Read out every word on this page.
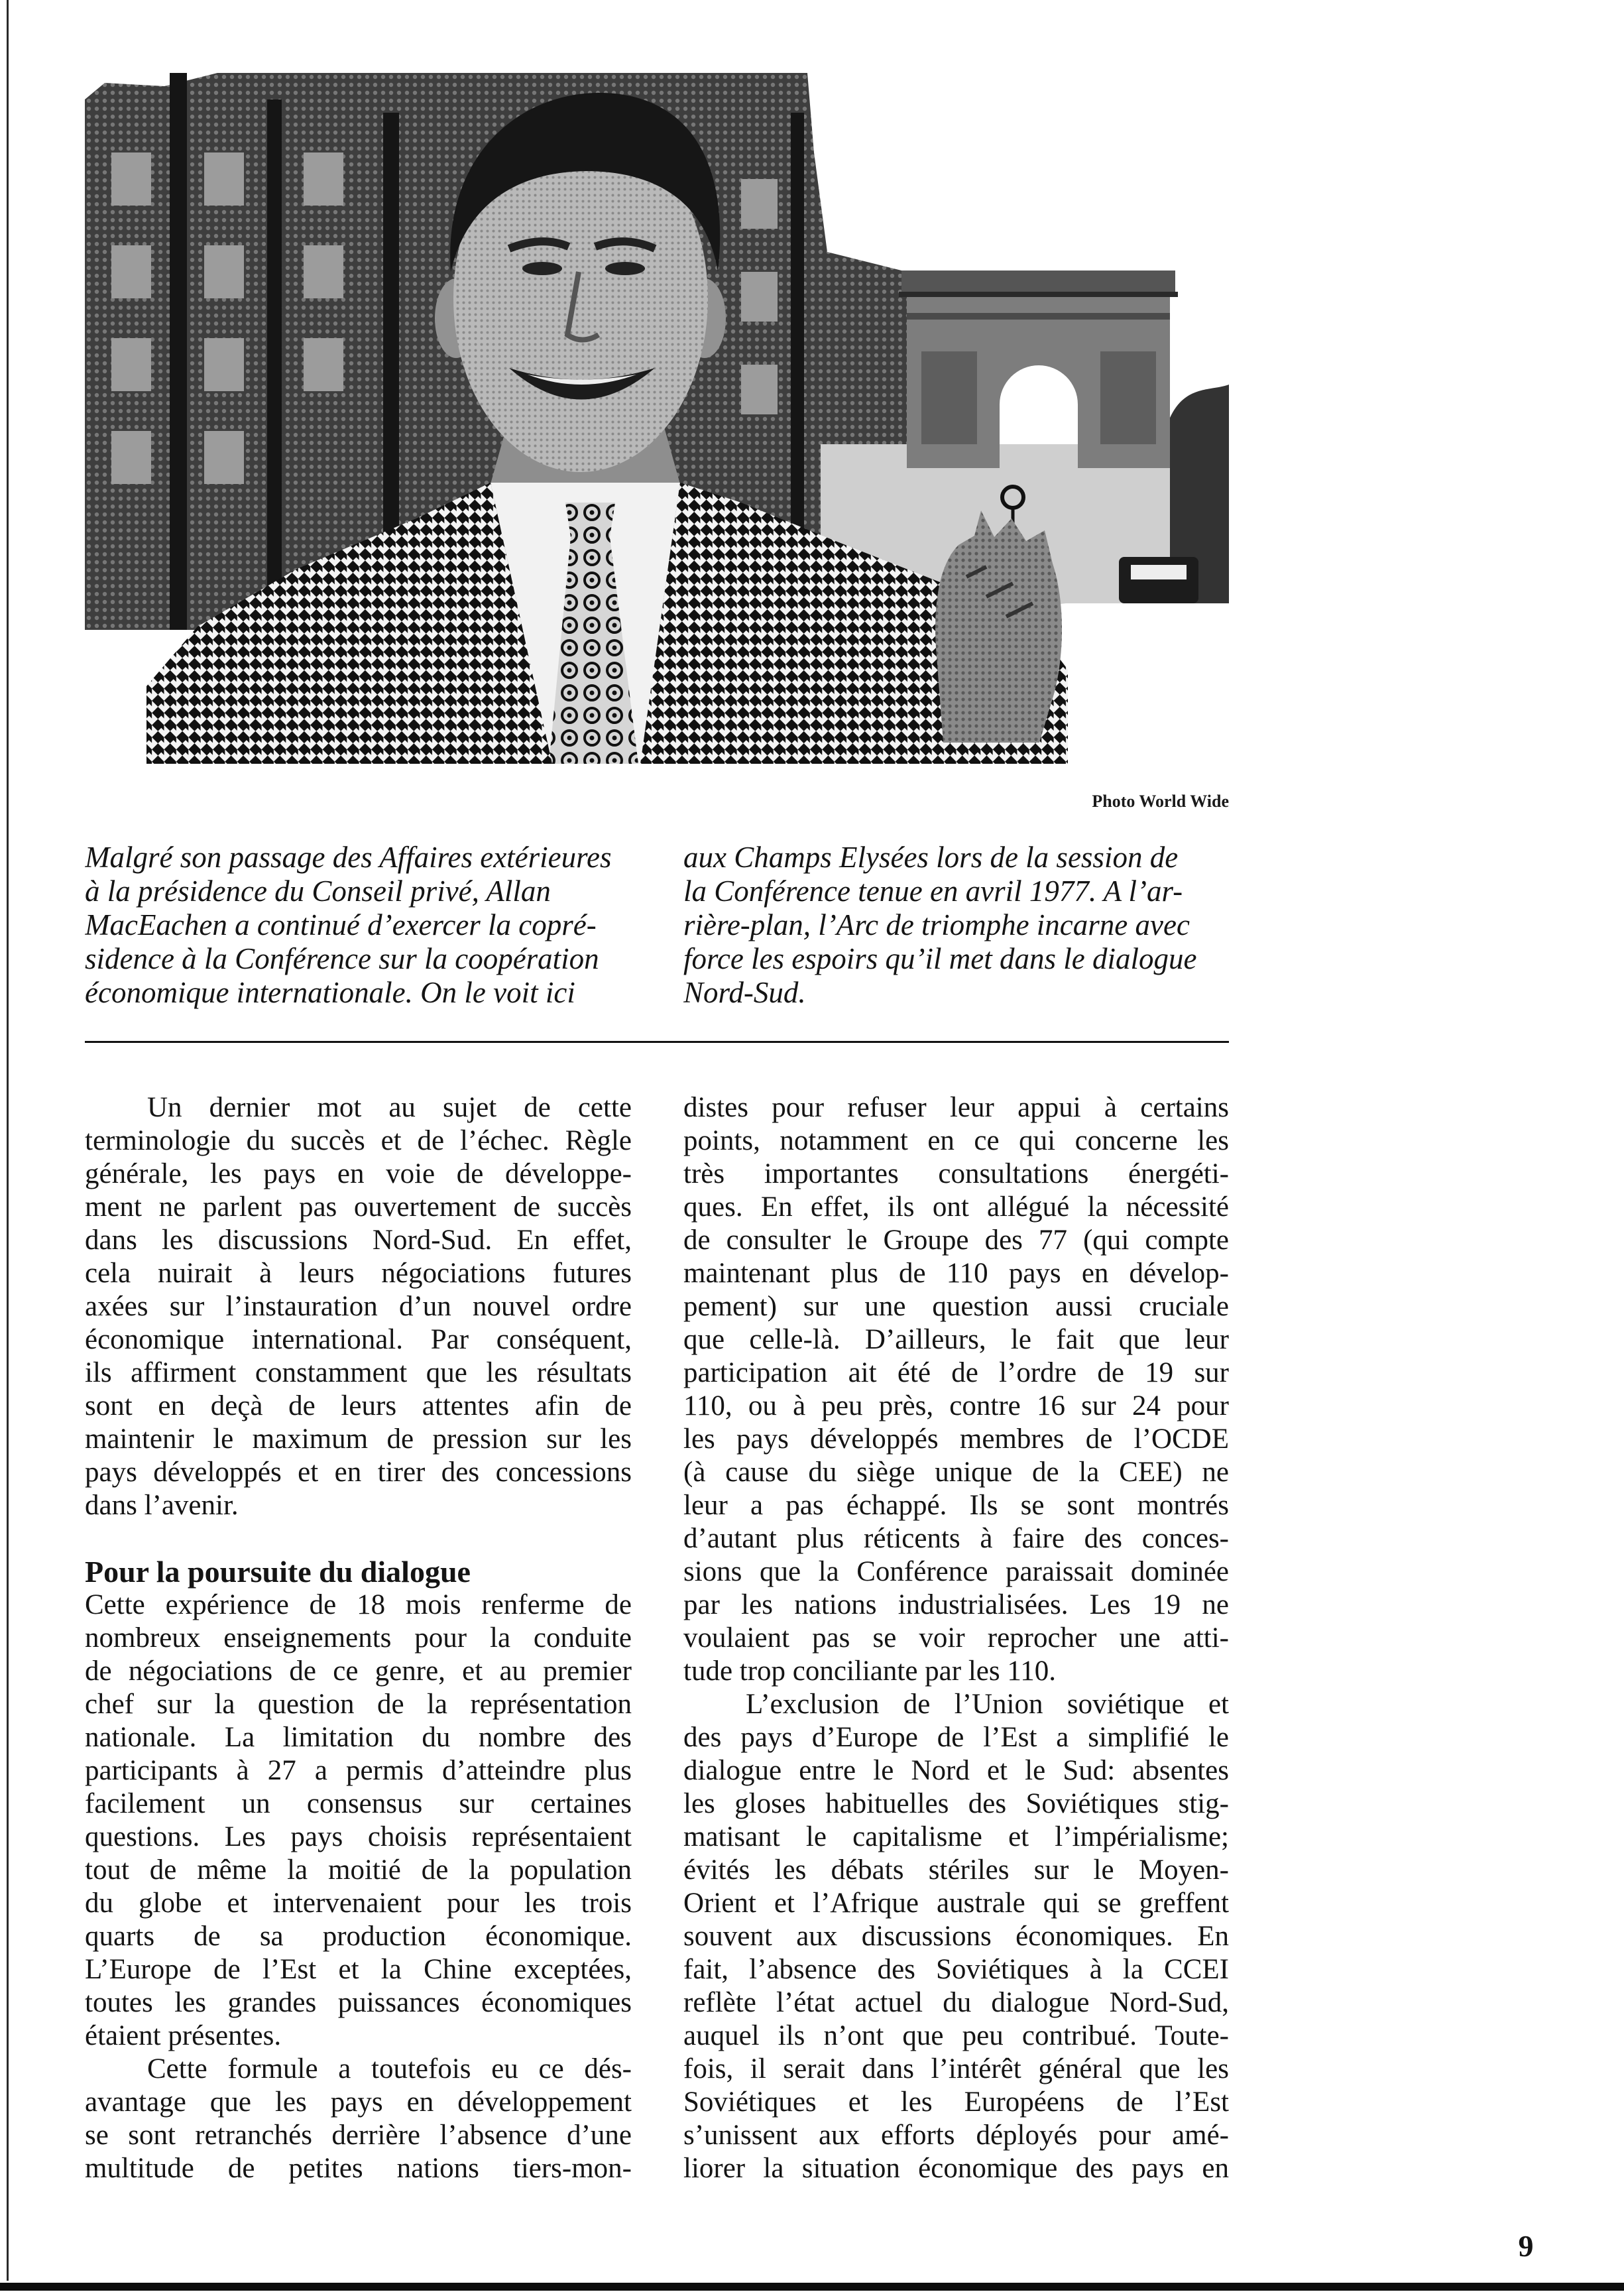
Photo World Wide
Malgré son passage des Affaires extérieures
à la présidence du Conseil privé, Allan
MacEachen a continué d’exercer la copré-
sidence à la Conférence sur la coopération
économique internationale. On le voit ici
aux Champs Elysées lors de la session de
la Conférence tenue en avril 1977. A l’ar-
rière-plan, l’Arc de triomphe incarne avec
force les espoirs qu’il met dans le dialogue
Nord-Sud.
Un dernier mot au sujet de cette
terminologie du succès et de l’échec. Règle
générale, les pays en voie de développe-
ment ne parlent pas ouvertement de succès
dans les discussions Nord-Sud. En effet,
cela nuirait à leurs négociations futures
axées sur l’instauration d’un nouvel ordre
économique international. Par conséquent,
ils affirment constamment que les résultats
sont en deçà de leurs attentes afin de
maintenir le maximum de pression sur les
pays développés et en tirer des concessions
dans l’avenir.
Pour la poursuite du dialogue
Cette expérience de 18 mois renferme de
nombreux enseignements pour la conduite
de négociations de ce genre, et au premier
chef sur la question de la représentation
nationale. La limitation du nombre des
participants à 27 a permis d’atteindre plus
facilement un consensus sur certaines
questions. Les pays choisis représentaient
tout de même la moitié de la population
du globe et intervenaient pour les trois
quarts de sa production économique.
L’Europe de l’Est et la Chine exceptées,
toutes les grandes puissances économiques
étaient présentes.
Cette formule a toutefois eu ce dés-
avantage que les pays en développement
se sont retranchés derrière l’absence d’une
multitude de petites nations tiers-mon-
distes pour refuser leur appui à certains
points, notamment en ce qui concerne les
très importantes consultations énergéti-
ques. En effet, ils ont allégué la nécessité
de consulter le Groupe des 77 (qui compte
maintenant plus de 110 pays en dévelop-
pement) sur une question aussi cruciale
que celle-là. D’ailleurs, le fait que leur
participation ait été de l’ordre de 19 sur
110, ou à peu près, contre 16 sur 24 pour
les pays développés membres de l’OCDE
(à cause du siège unique de la CEE) ne
leur a pas échappé. Ils se sont montrés
d’autant plus réticents à faire des conces-
sions que la Conférence paraissait dominée
par les nations industrialisées. Les 19 ne
voulaient pas se voir reprocher une atti-
tude trop conciliante par les 110.
L’exclusion de l’Union soviétique et
des pays d’Europe de l’Est a simplifié le
dialogue entre le Nord et le Sud: absentes
les gloses habituelles des Soviétiques stig-
matisant le capitalisme et l’impérialisme;
évités les débats stériles sur le Moyen-
Orient et l’Afrique australe qui se greffent
souvent aux discussions économiques. En
fait, l’absence des Soviétiques à la CCEI
reflète l’état actuel du dialogue Nord-Sud,
auquel ils n’ont que peu contribué. Toute-
fois, il serait dans l’intérêt général que les
Soviétiques et les Européens de l’Est
s’unissent aux efforts déployés pour amé-
liorer la situation économique des pays en
9
